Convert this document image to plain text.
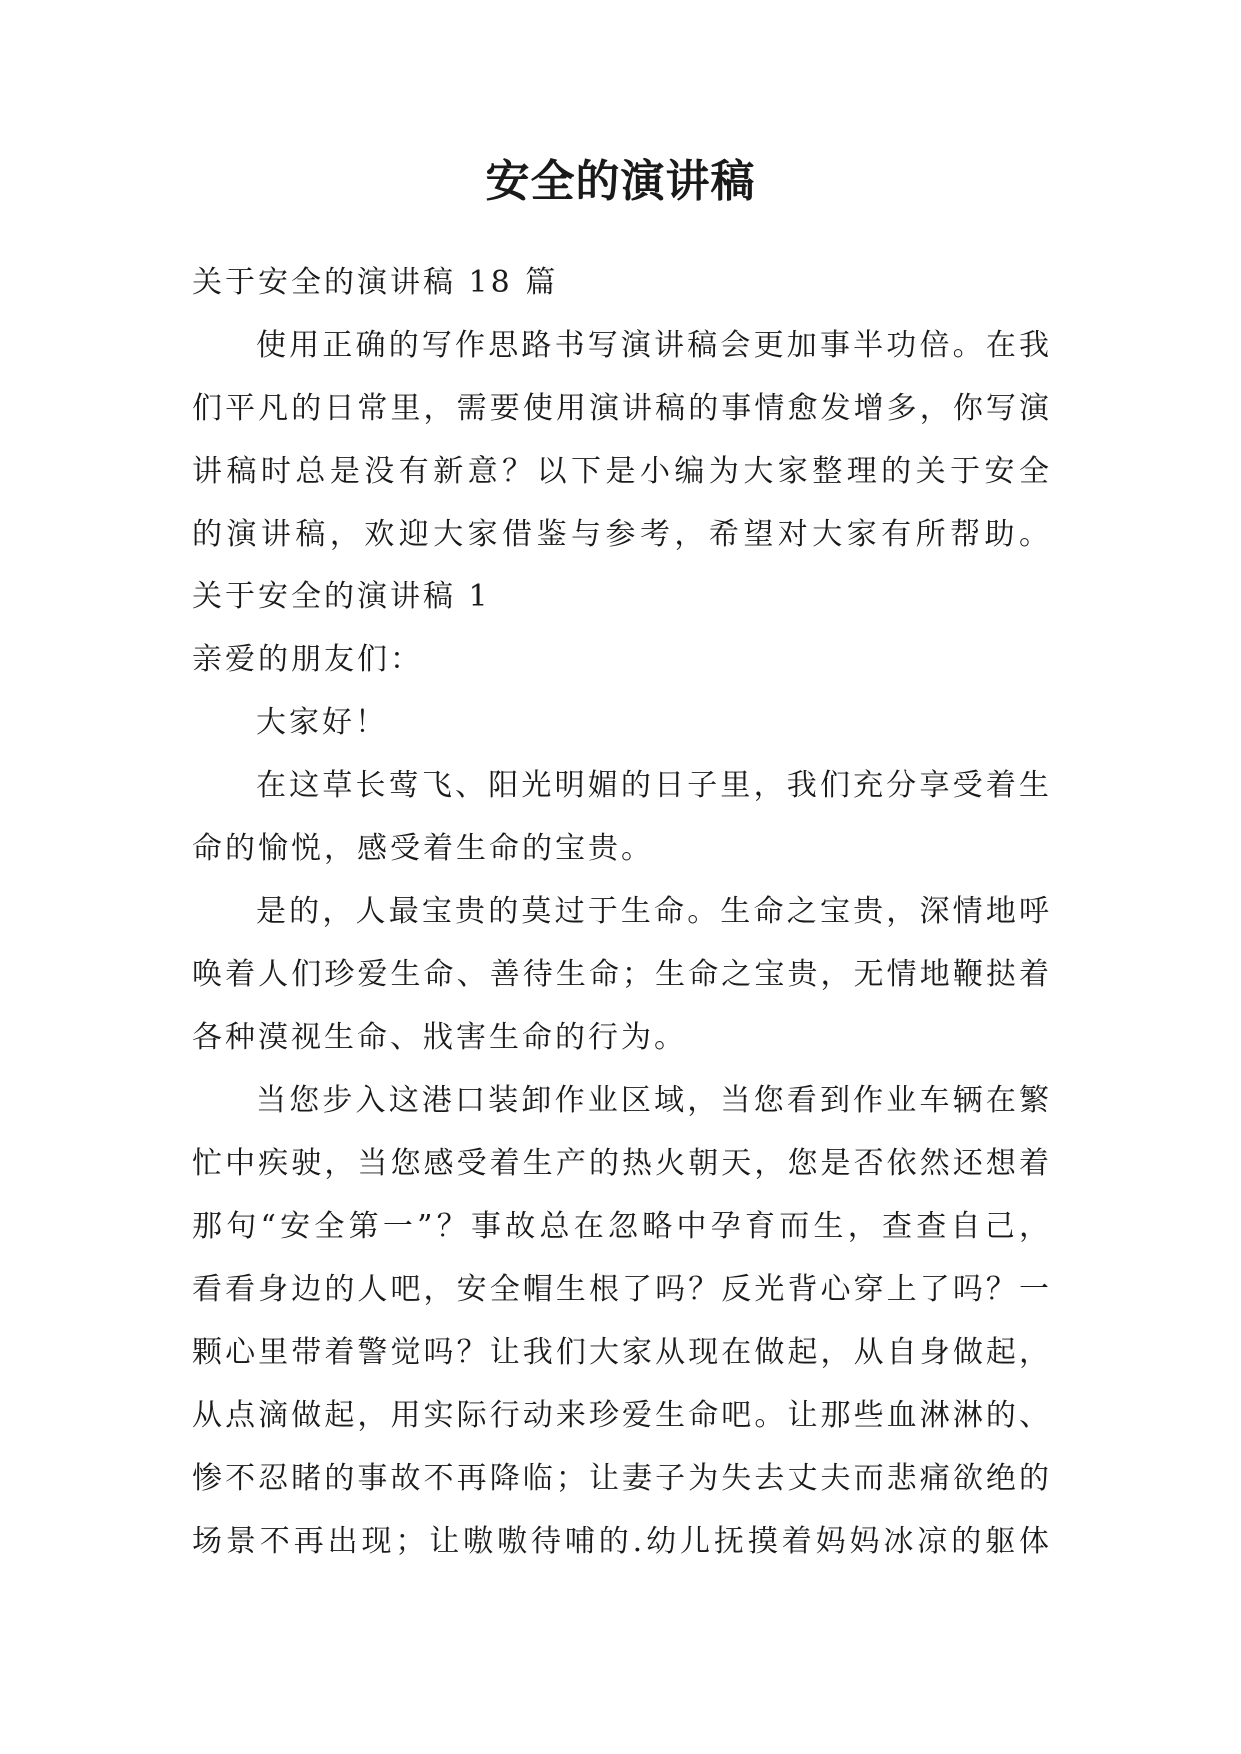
安全的演讲稿
关于安全的演讲稿 18 篇
使用正确的写作思路书写演讲稿会更加事半功倍。在我
们平凡的日常里，需要使用演讲稿的事情愈发增多，你写演
讲稿时总是没有新意？以下是小编为大家整理的关于安全
的演讲稿，欢迎大家借鉴与参考，希望对大家有所帮助。
关于安全的演讲稿 1
亲爱的朋友们：
大家好！
在这草长莺飞、阳光明媚的日子里，我们充分享受着生
命的愉悦，感受着生命的宝贵。
是的，人最宝贵的莫过于生命。生命之宝贵，深情地呼
唤着人们珍爱生命、善待生命；生命之宝贵，无情地鞭挞着
各种漠视生命、戕害生命的行为。
当您步入这港口装卸作业区域，当您看到作业车辆在繁
忙中疾驶，当您感受着生产的热火朝天，您是否依然还想着
那句“安全第一”？事故总在忽略中孕育而生，查查自己，
看看身边的人吧，安全帽生根了吗？反光背心穿上了吗？一
颗心里带着警觉吗？让我们大家从现在做起，从自身做起，
从点滴做起，用实际行动来珍爱生命吧。让那些血淋淋的、
惨不忍睹的事故不再降临；让妻子为失去丈夫而悲痛欲绝的
场景不再出现；让嗷嗷待哺的.幼儿抚摸着妈妈冰凉的躯体
